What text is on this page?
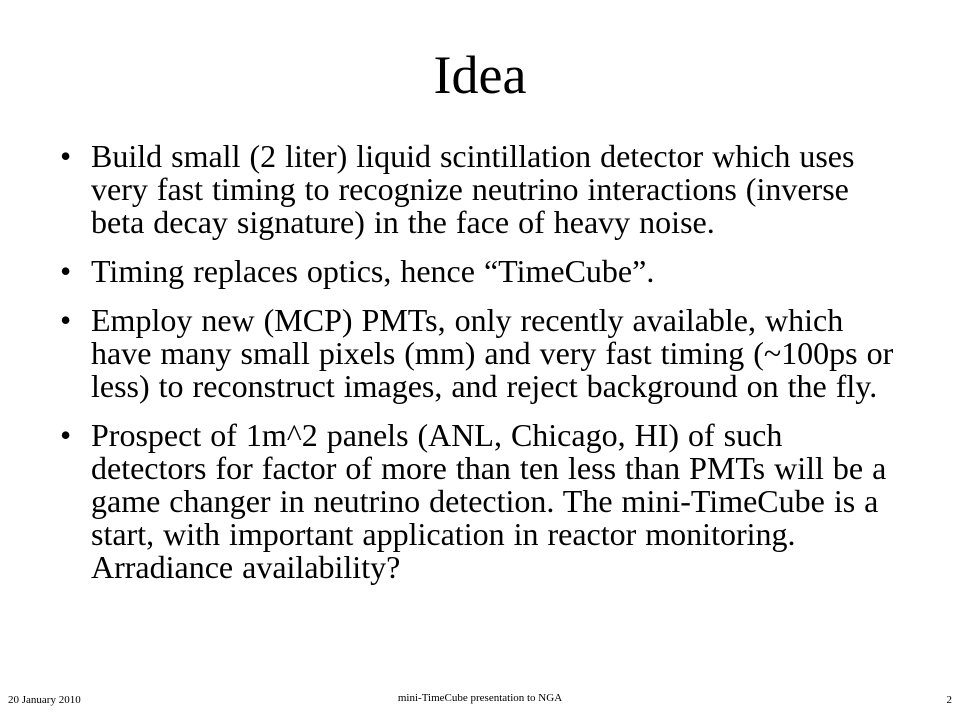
Idea
• Build small (2 liter) liquid scintillation detector which uses very fast timing to recognize neutrino interactions (inverse beta decay signature) in the face of heavy noise.
• Timing replaces optics, hence “TimeCube”.
• Employ new (MCP) PMTs, only recently available, which have many small pixels (mm) and very fast timing (~100ps or less) to reconstruct images, and reject background on the fly.
• Prospect of 1m^2 panels (ANL, Chicago, HI) of such detectors for factor of more than ten less than PMTs will be a game changer in neutrino detection. The mini-TimeCube is a start, with important application in reactor monitoring. Arradiance availability?
20 January 2010	mini-TimeCube presentation to NGA	2
